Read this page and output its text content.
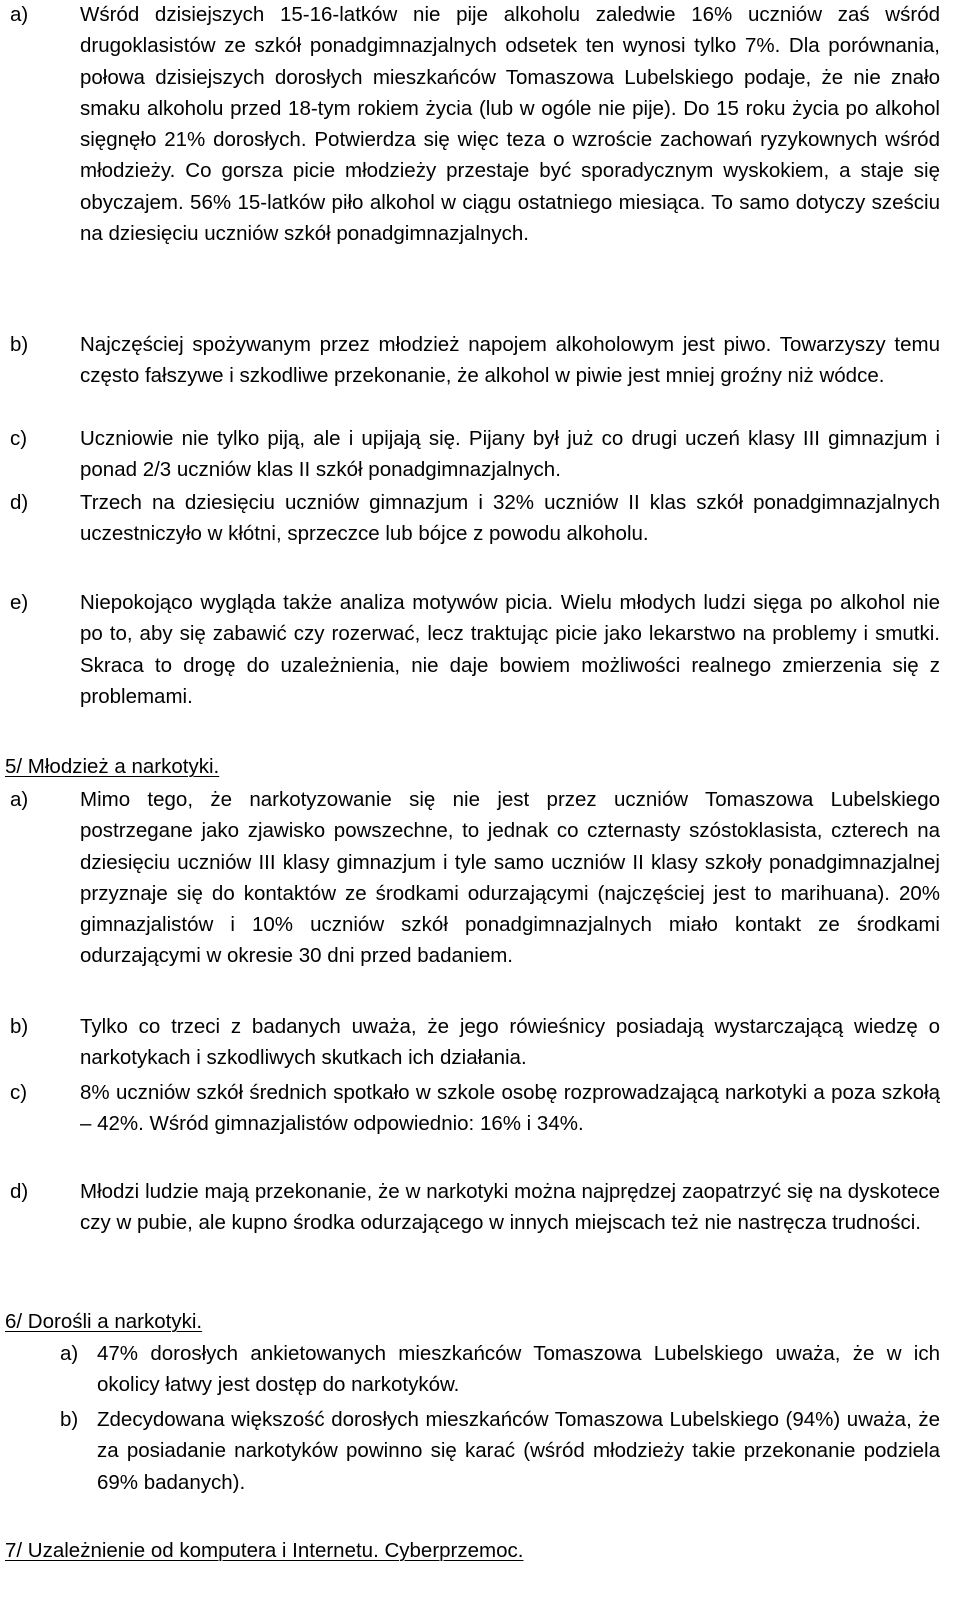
a)	Wśród dzisiejszych 15-16-latków nie pije alkoholu zaledwie 16% uczniów zaś wśród drugoklasistów ze szkół ponadgimnazjalnych odsetek ten wynosi tylko 7%. Dla porównania, połowa dzisiejszych dorosłych mieszkańców Tomaszowa Lubelskiego podaje, że nie znało smaku alkoholu przed 18-tym rokiem życia (lub w ogóle nie pije). Do 15 roku życia po alkohol sięgnęło 21% dorosłych. Potwierdza się więc teza o wzroście zachowań ryzykownych wśród młodzieży. Co gorsza picie młodzieży przestaje być sporadycznym wyskokiem, a staje się obyczajem. 56% 15-latków piło alkohol w ciągu ostatniego miesiąca. To samo dotyczy sześciu na dziesięciu uczniów szkół ponadgimnazjalnych.
b)	Najczęściej spożywanym przez młodzież napojem alkoholowym jest piwo. Towarzyszy temu często fałszywe i szkodliwe przekonanie, że alkohol w piwie jest mniej groźny niż wódce.
c)	Uczniowie nie tylko piją, ale i upijają się. Pijany był już co drugi uczeń klasy III gimnazjum i ponad 2/3 uczniów klas II szkół ponadgimnazjalnych.
d)	Trzech na dziesięciu uczniów gimnazjum i 32% uczniów II klas szkół ponadgimnazjalnych uczestniczyło w kłótni, sprzeczce lub bójce z powodu alkoholu.
e)	Niepokojąco wygląda także analiza motywów picia. Wielu młodych ludzi sięga po alkohol nie po to, aby się zabawić czy rozerwać, lecz traktując picie jako lekarstwo na problemy i smutki. Skraca to drogę do uzależnienia, nie daje bowiem możliwości realnego zmierzenia się z problemami.
5/ Młodzież a narkotyki.
a)	Mimo tego, że narkotyzowanie się nie jest przez uczniów Tomaszowa Lubelskiego postrzegane jako zjawisko powszechne, to jednak co czternasty szóstoklasista, czterech na dziesięciu uczniów III klasy gimnazjum i tyle samo uczniów II klasy szkoły ponadgimnazjalnej przyznaje się do kontaktów ze środkami odurzającymi (najczęściej jest to marihuana). 20% gimnazjalistów i 10% uczniów szkół ponadgimnazjalnych miało kontakt ze środkami odurzającymi w okresie 30 dni przed badaniem.
b)	Tylko co trzeci z badanych uważa, że jego rówieśnicy posiadają wystarczającą wiedzę o narkotykach i szkodliwych skutkach ich działania.
c)	8% uczniów szkół średnich spotkało w szkole osobę rozprowadzającą narkotyki a poza szkołą – 42%. Wśród gimnazjalistów odpowiednio: 16% i 34%.
d)	Młodzi ludzie mają przekonanie, że w narkotyki można najprędzej zaopatrzyć się na dyskotece czy w pubie, ale kupno środka odurzającego w innych miejscach też nie nastręcza trudności.
6/ Dorośli a narkotyki.
a) 47% dorosłych ankietowanych mieszkańców Tomaszowa Lubelskiego uważa, że w ich okolicy łatwy jest dostęp do narkotyków.
b) Zdecydowana większość dorosłych mieszkańców Tomaszowa Lubelskiego (94%) uważa, że za posiadanie narkotyków powinno się karać (wśród młodzieży takie przekonanie podziela 69% badanych).
7/ Uzależnienie od komputera i Internetu. Cyberprzemoc.
